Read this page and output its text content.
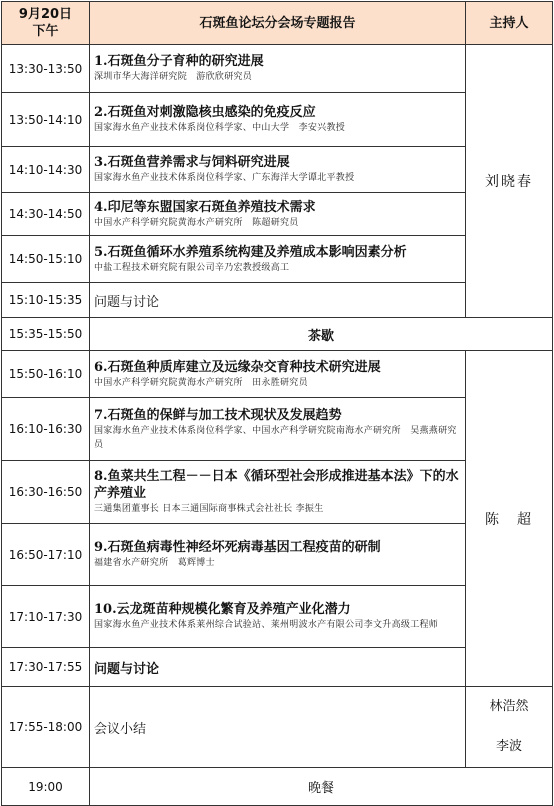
9月20日
下午	石斑鱼论坛分会场专题报告	主持人
13:30-13:50	1.石斑鱼分子育种的研究进展
深圳市华大海洋研究院　游欣欣研究员	刘晓春
13:50-14:10	2.石斑鱼对刺激隐核虫感染的免疫反应
国家海水鱼产业技术体系岗位科学家、中山大学　李安兴教授	

14:10-14:30	3.石斑鱼营养需求与饲料研究进展
国家海水鱼产业技术体系岗位科学家、广东海洋大学谭北平教授	

14:30-14:50	4.印尼等东盟国家石斑鱼养殖技术需求
中国水产科学研究院黄海水产研究所　陈超研究员	

14:50-15:10	5.石斑鱼循环水养殖系统构建及养殖成本影响因素分析
中盐工程技术研究院有限公司辛乃宏教授级高工	

15:10-15:35	问题与讨论	
15:35-15:50	茶歇	
15:50-16:10	6.石斑鱼种质库建立及远缘杂交育种技术研究进展
中国水产科学研究院黄海水产研究所　田永胜研究员	陈　超
16:10-16:30	7.石斑鱼的保鲜与加工技术现状及发展趋势
国家海水鱼产业技术体系岗位科学家、中国水产科学研究院南海水产研究所　吴燕燕研究员	

16:30-16:50	8.鱼菜共生工程－－日本《循环型社会形成推进基本法》下的水产养殖业
三通集团董事长 日本三通国际商事株式会社社长 李振生	

16:50-17:10	9.石斑鱼病毒性神经坏死病毒基因工程疫苗的研制
福建省水产研究所　葛辉博士	

17:10-17:30	10.云龙斑苗种规模化繁育及养殖产业化潜力
国家海水鱼产业技术体系莱州综合试验站、莱州明波水产有限公司李文升高级工程师	

17:30-17:55	问题与讨论	
17:55-18:00	会议小结	林浩然
李波

19:00	晚餐	
